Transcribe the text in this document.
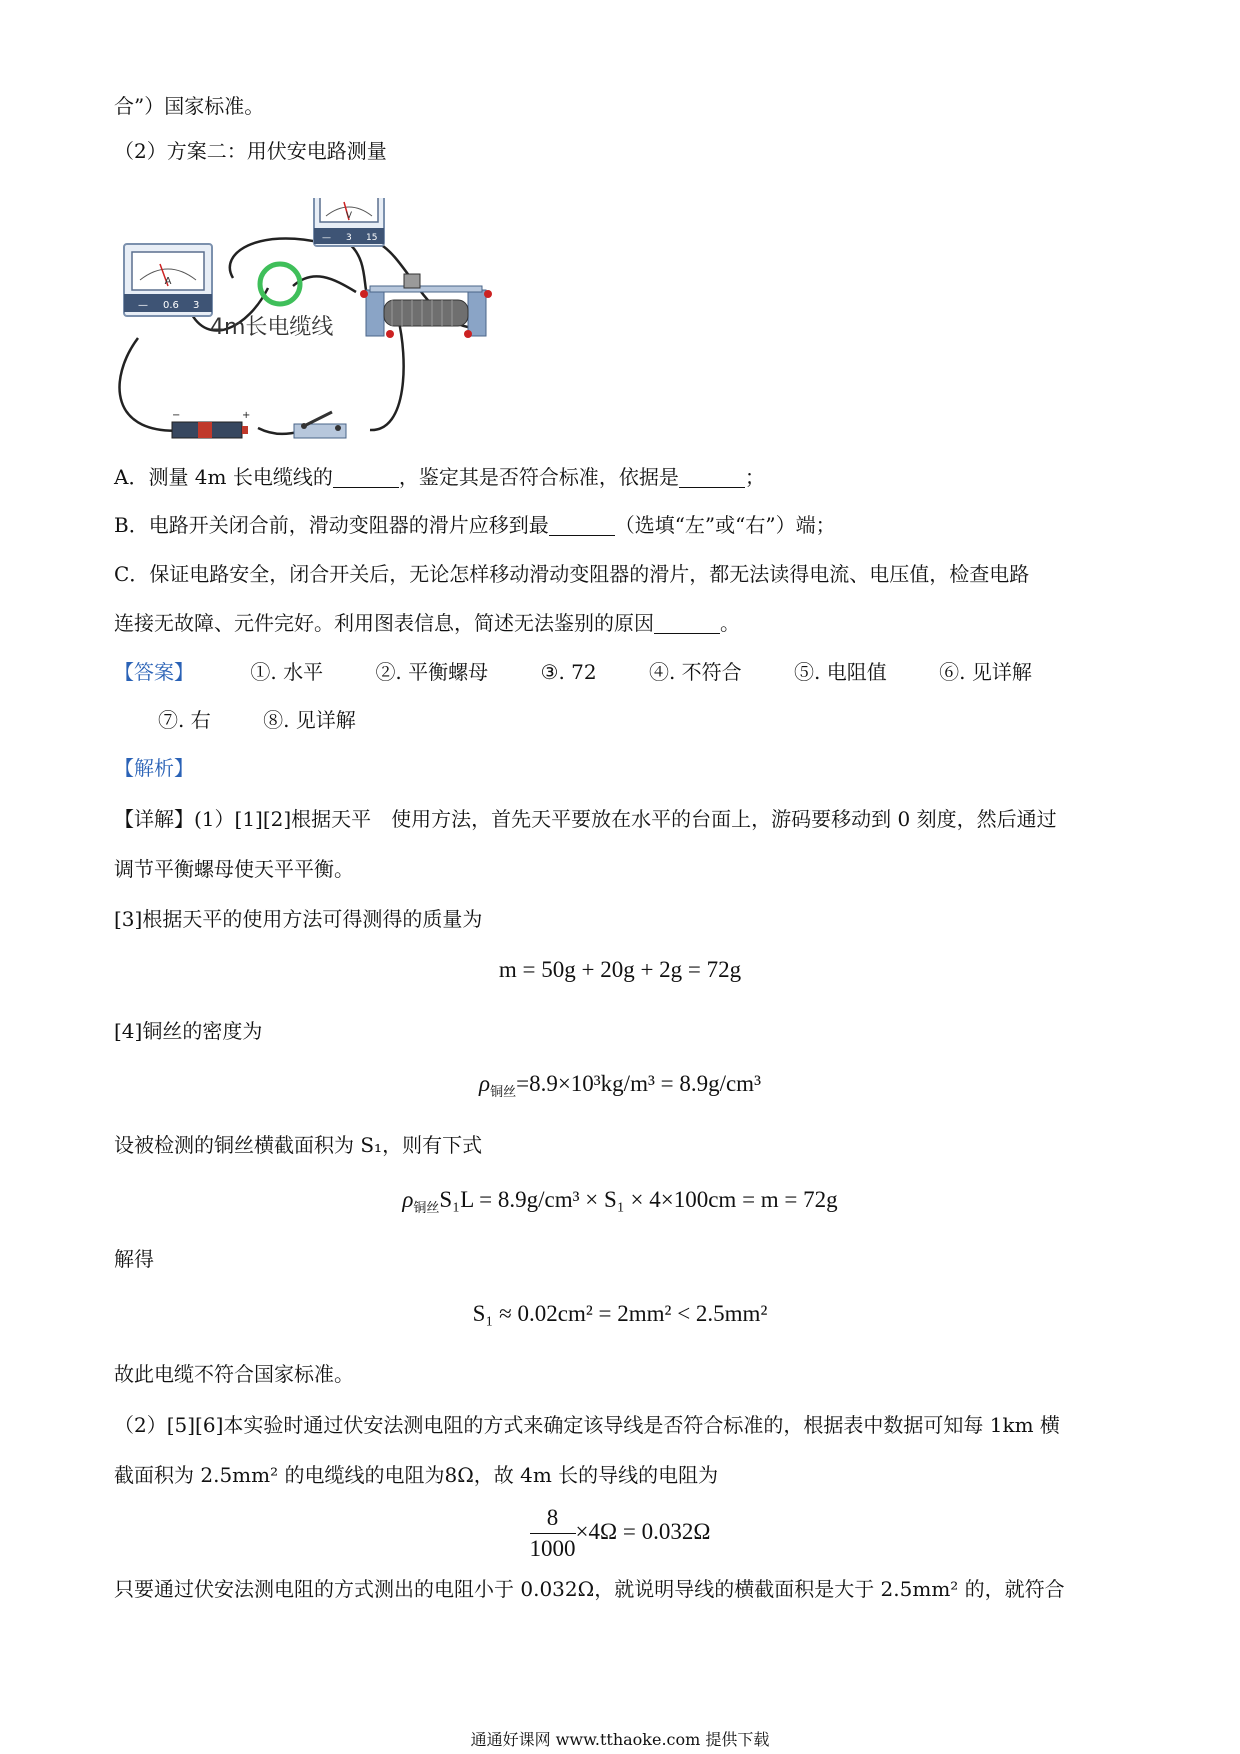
合”）国家标准。
（2）方案二：用伏安电路测量
A
— 0.6 3
V
— 3 15
4m长电缆线
−	+
A．测量 4m 长电缆线的	，鉴定其是否符合标准，依据是	；
B．电路开关闭合前，滑动变阻器的滑片应移到最	（选填“左”或“右”）端；
C．保证电路安全，闭合开关后，无论怎样移动滑动变阻器的滑片，都无法读得电流、电压值，检查电路
连接无故障、元件完好。利用图表信息，简述无法鉴别的原因	。
【答案】	①. 水平	②. 平衡螺母	③. 72	④. 不符合	⑤. 电阻值	⑥. 见详解
⑦. 右	⑧. 见详解
【解析】
【详解】(1）[1][2]根据天平　使用方法，首先天平要放在水平的台面上，游码要移动到 0 刻度，然后通过
调节平衡螺母使天平平衡。
[3]根据天平的使用方法可得测得的质量为
m = 50g + 20g + 2g = 72g
[4]铜丝的密度为
$\rho_{铜丝}=8.9\times 10^3kg/m^3 = 8.9g/cm^3$
设被检测的铜丝横截面积为 S₁，则有下式
$\rho_{铜丝}S_1L = 8.9g/cm^3 \times S_1 \times 4\times 100cm = m = 72g$
解得
S₁ ≈ 0.02cm² = 2mm² < 2.5mm²
故此电缆不符合国家标准。
（2）[5][6]本实验时通过伏安法测电阻的方式来确定该导线是否符合标准的，根据表中数据可知每 1km 横
截面积为 2.5mm² 的电缆线的电阻为8Ω，故 4m 长的导线的电阻为
$\frac{8}{1000} \times 4\Omega = 0.032\Omega$
只要通过伏安法测电阻的方式测出的电阻小于 0.032Ω，就说明导线的横截面积是大于 2.5mm² 的，就符合
通通好课网 www.tthaoke.com 提供下载
